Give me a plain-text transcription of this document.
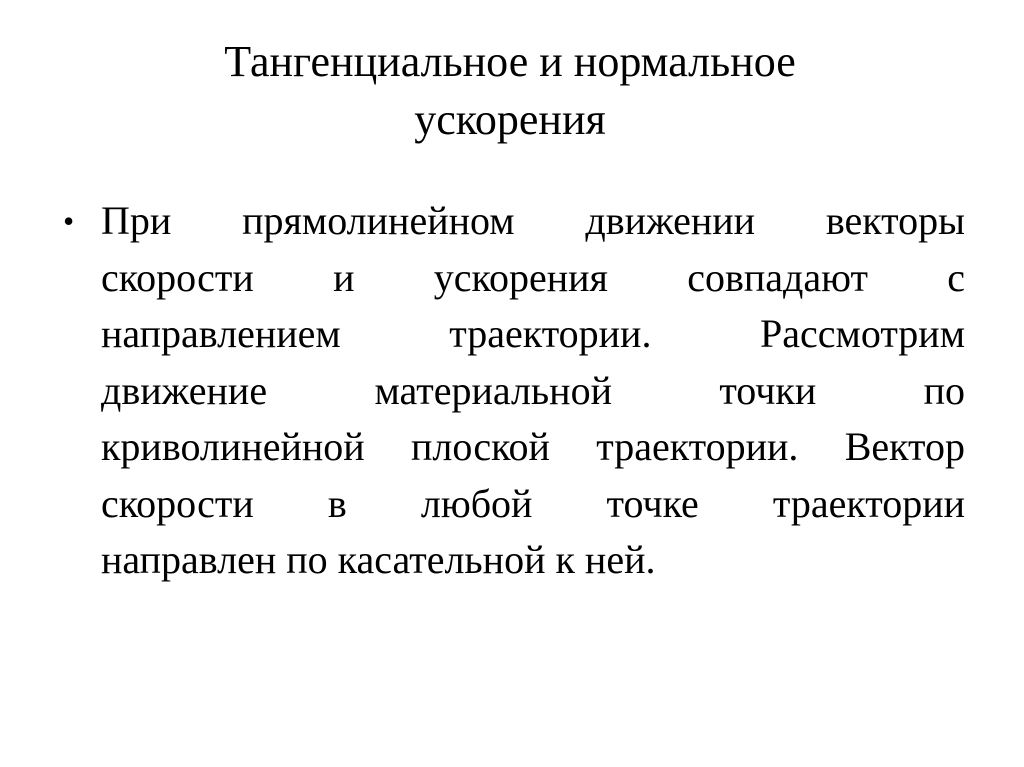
Тангенциальное и нормальное
ускорения
• При прямолинейном движении векторы
скорости и ускорения совпадают с
направлением траектории. Рассмотрим
движение материальной точки по
криволинейной плоской траектории. Вектор
скорости в любой точке траектории
направлен по касательной к ней.
